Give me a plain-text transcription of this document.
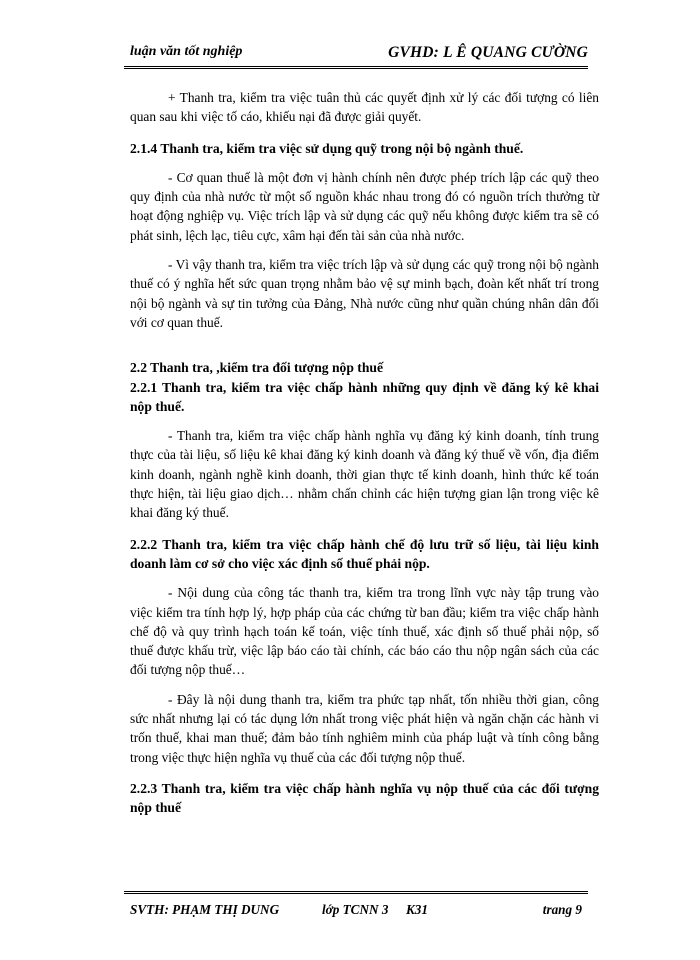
luận văn tốt nghiệp	GVHD: L Ê QUANG CƯỜNG

+ Thanh tra, kiểm tra việc tuân thủ các quyết định xử lý các đối tượng có liên quan sau khi việc tố cáo, khiếu nại đã được giải quyết.

2.1.4 Thanh tra, kiểm tra việc sử dụng quỹ trong nội bộ ngành thuế.

- Cơ quan thuế là một đơn vị hành chính nên được phép trích lập các quỹ theo quy định của nhà nước từ một số nguồn khác nhau trong đó có nguồn trích thưởng từ hoạt động nghiệp vụ. Việc trích lập và sử dụng các quỹ nếu không được kiểm tra sẽ có phát sinh, lệch lạc, tiêu cực, xâm hại đến tài sản của nhà nước.

- Vì vậy thanh tra, kiểm tra việc trích lập và sử dụng các quỹ trong nội bộ ngành thuế có ý nghĩa hết sức quan trọng nhằm bảo vệ sự minh bạch, đoàn kết nhất trí trong nội bộ ngành và sự tin tưởng của Đảng, Nhà nước cũng như quần chúng nhân dân đối với cơ quan thuế.

2.2 Thanh tra, ,kiểm tra đối tượng nộp thuế
2.2.1 Thanh tra, kiểm tra việc chấp hành những quy định về đăng ký kê khai nộp thuế.

- Thanh tra, kiểm tra việc chấp hành nghĩa vụ đăng ký kinh doanh, tính trung thực của tài liệu, số liệu kê khai đăng ký kinh doanh và đăng ký thuế về vốn, địa điểm kinh doanh, ngành nghề kinh doanh, thời gian thực tế kinh doanh, hình thức kế toán thực hiện, tài liệu giao dịch… nhằm chấn chỉnh các hiện tượng gian lận trong việc kê khai đăng ký thuế.

2.2.2 Thanh tra, kiểm tra việc chấp hành chế độ lưu trữ số liệu, tài liệu kinh doanh làm cơ sở cho việc xác định số thuế phải nộp.

- Nội dung của công tác thanh tra, kiểm tra trong lĩnh vực này tập trung vào việc kiểm tra tính hợp lý, hợp pháp của các chứng từ ban đầu; kiểm tra việc chấp hành chế độ và quy trình hạch toán kế toán, việc tính thuế, xác định số thuế phải nộp, số thuế được khấu trừ, việc lập báo cáo tài chính, các báo cáo thu nộp ngân sách của các đối tượng nộp thuế…

- Đây là nội dung thanh tra, kiểm tra phức tạp nhất, tốn nhiều thời gian, công sức nhất nhưng lại có tác dụng lớn nhất trong việc phát hiện và ngăn chặn các hành vi trốn thuế, khai man thuế; đảm bảo tính nghiêm minh của pháp luật và tính công bằng trong việc thực hiện nghĩa vụ thuế của các đối tượng nộp thuế.

2.2.3 Thanh tra, kiểm tra việc chấp hành nghĩa vụ nộp thuế của các đối tượng nộp thuế
SVTH: PHẠM THỊ DUNG	lớp TCNN 3 K31	trang 9
